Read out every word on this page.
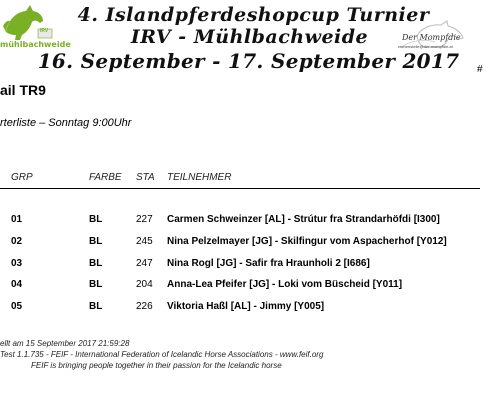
IRV
mühlbachweide
4. Islandpferdeshopcup Turnier
IRV - Mühlbachweide
16. September - 17. September 2017
Der Mompfdie
rechenstelle@der-mompfdie.at
#
ail TR9
rterliste – Sonntag 9:00Uhr
GRP	FARBE STA TEILNEHMER
01	BL	227 Carmen Schweinzer [AL] - Strútur fra Strandarhöfdi [I300]
02	BL	245 Nina Pelzelmayer [JG] - Skilfingur vom Aspacherhof [Y012]
03	BL	247 Nina Rogl [JG] - Safir fra Hraunholi 2 [I686]
04	BL	204 Anna-Lea Pfeifer [JG] - Loki vom Büscheid [Y011]
05	BL	226 Viktoria Haßl [AL] - Jimmy [Y005]
ellt am 15 September 2017 21:59:28
Test 1.1.735 - FEIF - International Federation of Icelandic Horse Associations - www.feif.org
FEIF is bringing people together in their passion for the Icelandic horse
